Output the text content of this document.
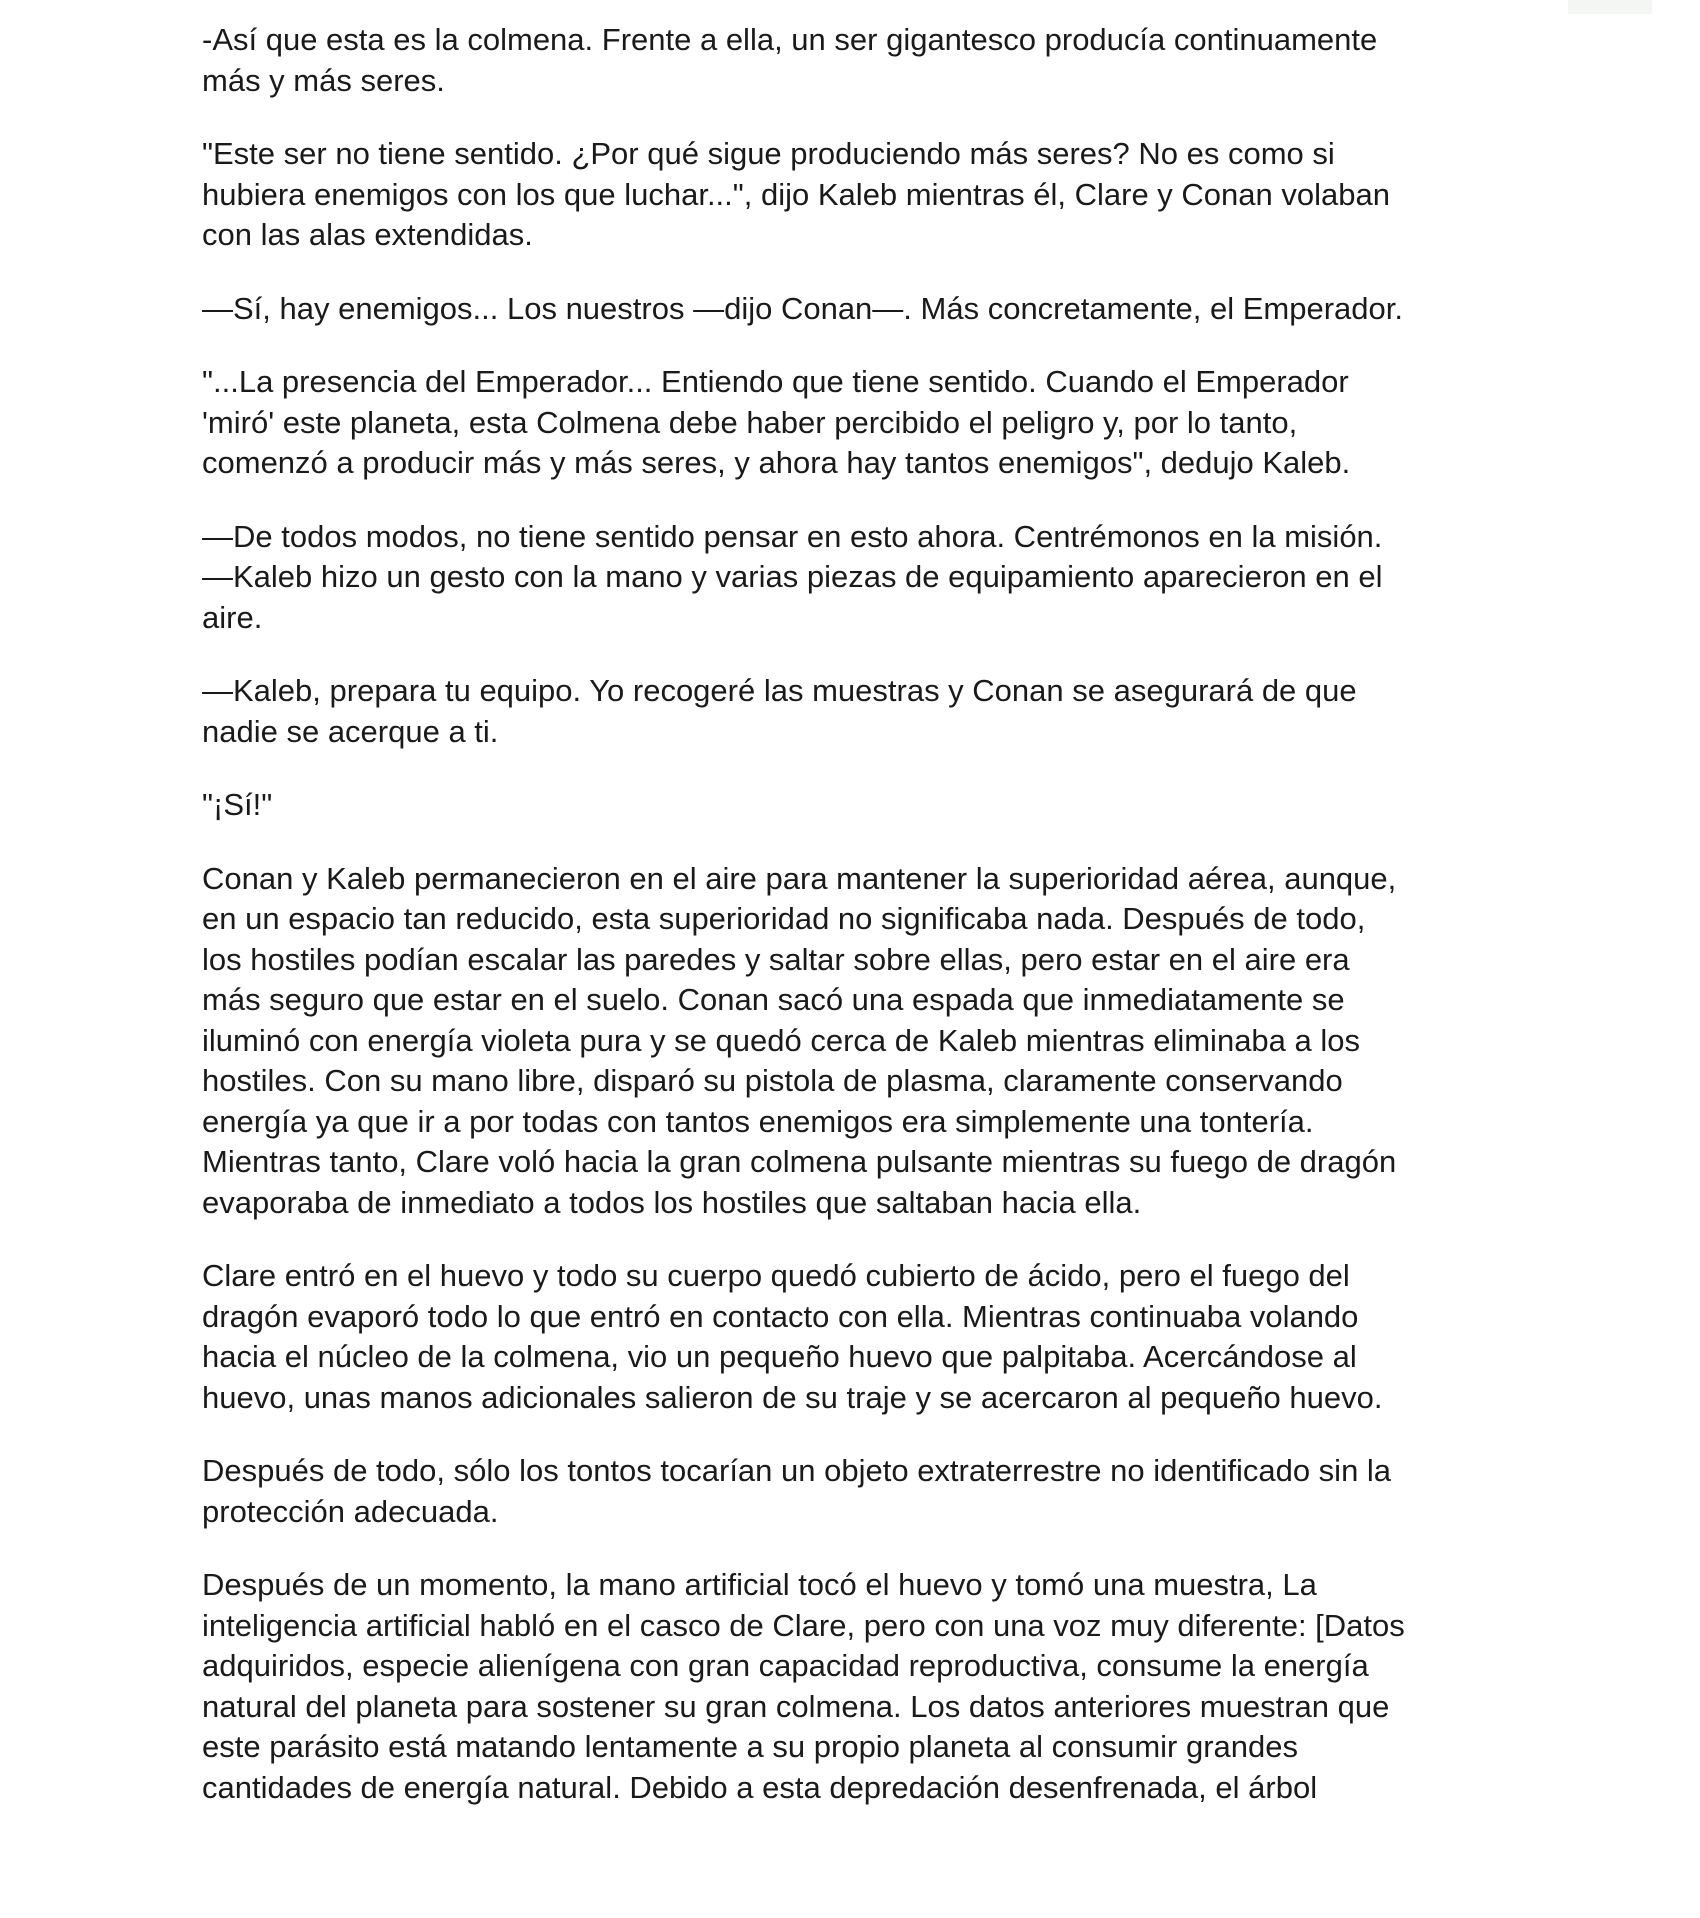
-Así que esta es la colmena. Frente a ella, un ser gigantesco producía continuamente
más y más seres.

"Este ser no tiene sentido. ¿Por qué sigue produciendo más seres? No es como si
hubiera enemigos con los que luchar...", dijo Kaleb mientras él, Clare y Conan volaban
con las alas extendidas.

—Sí, hay enemigos... Los nuestros —dijo Conan—. Más concretamente, el Emperador.

"...La presencia del Emperador... Entiendo que tiene sentido. Cuando el Emperador
'miró' este planeta, esta Colmena debe haber percibido el peligro y, por lo tanto,
comenzó a producir más y más seres, y ahora hay tantos enemigos", dedujo Kaleb.

—De todos modos, no tiene sentido pensar en esto ahora. Centrémonos en la misión.
—Kaleb hizo un gesto con la mano y varias piezas de equipamiento aparecieron en el
aire.

—Kaleb, prepara tu equipo. Yo recogeré las muestras y Conan se asegurará de que
nadie se acerque a ti.

"¡Sí!"

Conan y Kaleb permanecieron en el aire para mantener la superioridad aérea, aunque,
en un espacio tan reducido, esta superioridad no significaba nada. Después de todo,
los hostiles podían escalar las paredes y saltar sobre ellas, pero estar en el aire era
más seguro que estar en el suelo. Conan sacó una espada que inmediatamente se
iluminó con energía violeta pura y se quedó cerca de Kaleb mientras eliminaba a los
hostiles. Con su mano libre, disparó su pistola de plasma, claramente conservando
energía ya que ir a por todas con tantos enemigos era simplemente una tontería.
Mientras tanto, Clare voló hacia la gran colmena pulsante mientras su fuego de dragón
evaporaba de inmediato a todos los hostiles que saltaban hacia ella.

Clare entró en el huevo y todo su cuerpo quedó cubierto de ácido, pero el fuego del
dragón evaporó todo lo que entró en contacto con ella. Mientras continuaba volando
hacia el núcleo de la colmena, vio un pequeño huevo que palpitaba. Acercándose al
huevo, unas manos adicionales salieron de su traje y se acercaron al pequeño huevo.

Después de todo, sólo los tontos tocarían un objeto extraterrestre no identificado sin la
protección adecuada.

Después de un momento, la mano artificial tocó el huevo y tomó una muestra, La
inteligencia artificial habló en el casco de Clare, pero con una voz muy diferente: [Datos
adquiridos, especie alienígena con gran capacidad reproductiva, consume la energía
natural del planeta para sostener su gran colmena. Los datos anteriores muestran que
este parásito está matando lentamente a su propio planeta al consumir grandes
cantidades de energía natural. Debido a esta depredación desenfrenada, el árbol
